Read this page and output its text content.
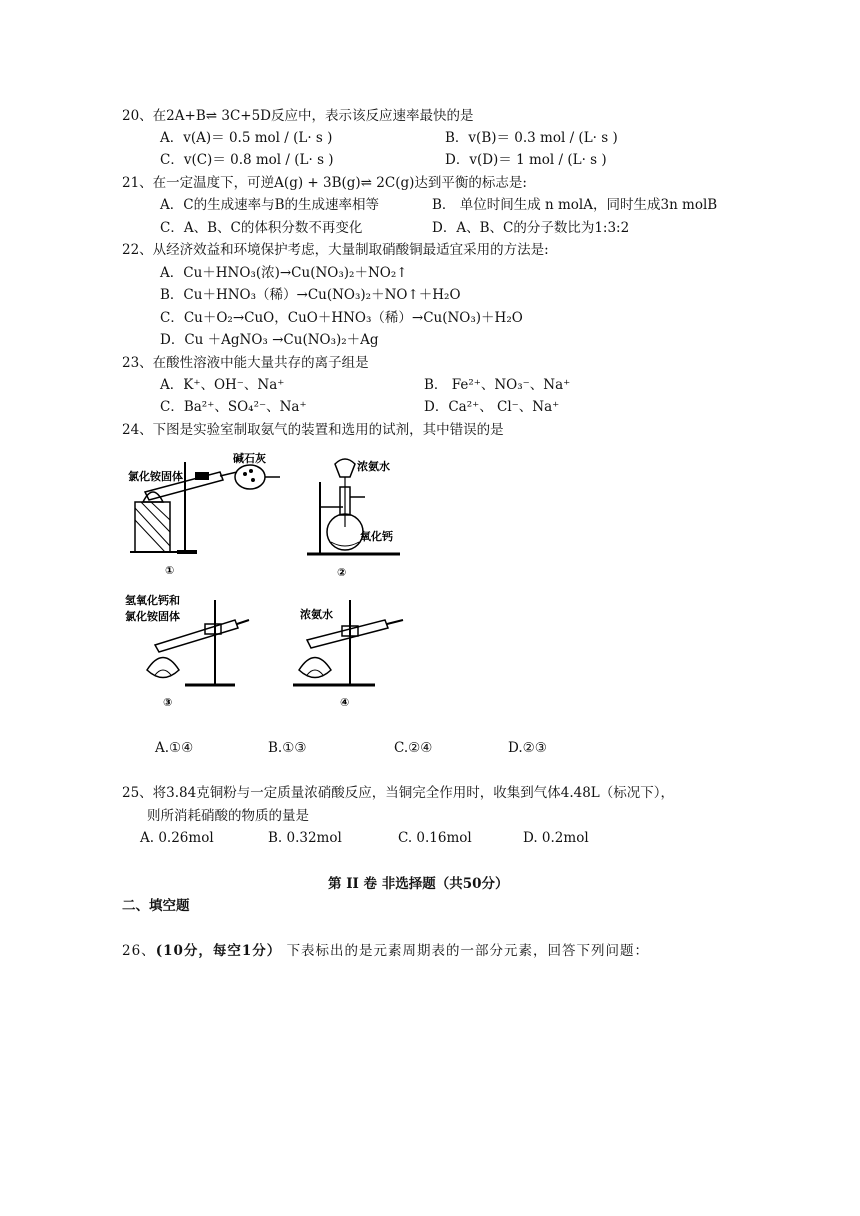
20、在2A+B⇌ 3C+5D反应中，表示该反应速率最快的是
A．v(A)＝ 0.5 mol / (L· s )	B．v(B)＝ 0.3 mol / (L· s )
C．v(C)＝ 0.8 mol / (L· s )	D．v(D)＝ 1 mol / (L· s )
21、在一定温度下，可逆A(g) + 3B(g)⇌ 2C(g)达到平衡的标志是:
A．C的生成速率与B的生成速率相等	B． 单位时间生成 n molA，同时生成3n molB
C．A、B、C的体积分数不再变化	D．A、B、C的分子数比为1:3:2
22、从经济效益和环境保护考虑，大量制取硝酸铜最适宜采用的方法是:
A．Cu＋HNO₃(浓)→Cu(NO₃)₂＋NO₂↑
B．Cu＋HNO₃（稀）→Cu(NO₃)₂＋NO↑＋H₂O
C．Cu＋O₂→CuO，CuO＋HNO₃（稀）→Cu(NO₃)＋H₂O
D．Cu ＋AgNO₃ →Cu(NO₃)₂＋Ag
23、在酸性溶液中能大量共存的离子组是
A．K⁺、OH⁻、Na⁺	B． Fe²⁺、NO₃⁻、Na⁺
C．Ba²⁺、SO₄²⁻、Na⁺	D．Ca²⁺、 Cl⁻、Na⁺
24、下图是实验室制取氨气的装置和选用的试剂，其中错误的是
氯化铵固体
碱石灰
①
浓氨水
氧化钙
②
氢氧化钙和
氯化铵固体
③
浓氨水
④
A.①④	B.①③	C.②④	D.②③
25、将3.84克铜粉与一定质量浓硝酸反应，当铜完全作用时，收集到气体4.48L（标况下），
则所消耗硝酸的物质的量是
A. 0.26mol	B. 0.32mol	C. 0.16mol	D. 0.2mol
第 II 卷 非选择题（共50分）
二、填空题
26、(10分，每空1分） 下表标出的是元素周期表的一部分元素，回答下列问题：
